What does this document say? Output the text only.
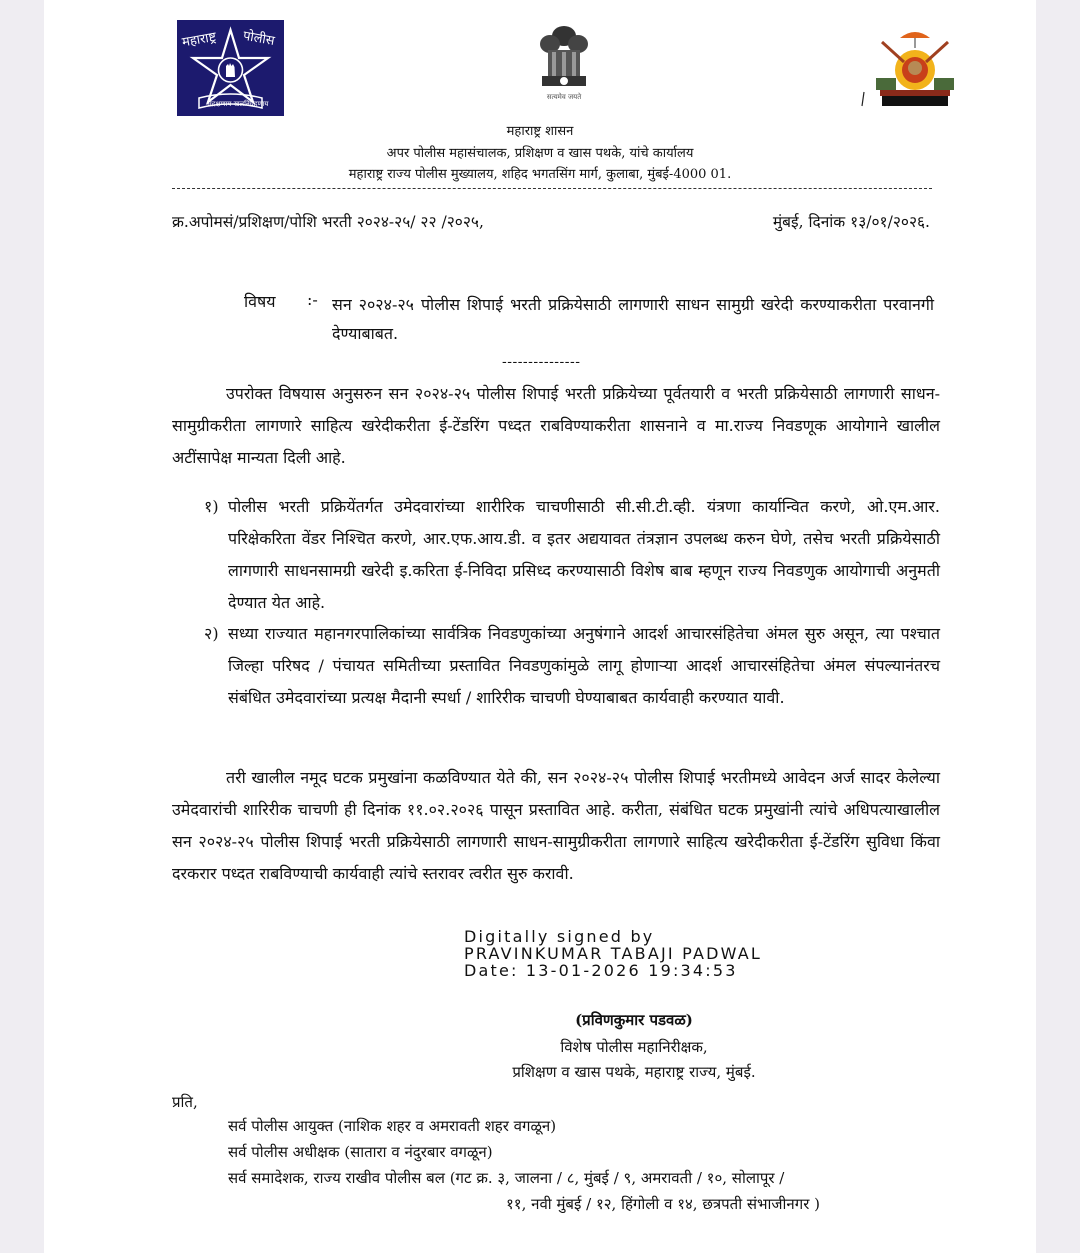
महाराष्ट्र पोलीस
सद्रक्षणाय खलनिग्रहणाय
सत्यमेव जयते
महाराष्ट्र शासन
अपर पोलीस महासंचालक, प्रशिक्षण व खास पथके, यांचे कार्यालय
महाराष्ट्र राज्य पोलीस मुख्यालय, शहिद भगतसिंग मार्ग, कुलाबा, मुंबई-4000 01.
क्र.अपोमसं/प्रशिक्षण/पोशि भरती २०२४-२५/ २२ /२०२५,	मुंबई, दिनांक १३/०१/२०२६.
विषय :- सन २०२४-२५ पोलीस शिपाई भरती प्रक्रियेसाठी लागणारी साधन सामुग्री खरेदी करण्याकरीता परवानगी देण्याबाबत.
---------------
उपरोक्त विषयास अनुसरुन सन २०२४-२५ पोलीस शिपाई भरती प्रक्रियेच्या पूर्वतयारी व भरती प्रक्रियेसाठी लागणारी साधन-सामुग्रीकरीता लागणारे साहित्य खरेदीकरीता ई-टेंडरिंग पध्दत राबविण्याकरीता शासनाने व मा.राज्य निवडणूक आयोगाने खालील अटींसापेक्ष मान्यता दिली आहे.
१) पोलीस भरती प्रक्रियेंतर्गत उमेदवारांच्या शारीरिक चाचणीसाठी सी.सी.टी.व्ही. यंत्रणा कार्यान्वित करणे, ओ.एम.आर. परिक्षेकरिता वेंडर निश्चित करणे, आर.एफ.आय.डी. व इतर अद्ययावत तंत्रज्ञान उपलब्ध करुन घेणे, तसेच भरती प्रक्रियेसाठी लागणारी साधनसामग्री खरेदी इ.करिता ई-निविदा प्रसिध्द करण्यासाठी विशेष बाब म्हणून राज्य निवडणुक आयोगाची अनुमती देण्यात येत आहे.
२) सध्या राज्यात महानगरपालिकांच्या सार्वत्रिक निवडणुकांच्या अनुषंगाने आदर्श आचारसंहितेचा अंमल सुरु असून, त्या पश्चात जिल्हा परिषद / पंचायत समितीच्या प्रस्तावित निवडणुकांमुळे लागू होणाऱ्या आदर्श आचारसंहितेचा अंमल संपल्यानंतरच संबंधित उमेदवारांच्या प्रत्यक्ष मैदानी स्पर्धा / शारिरीक चाचणी घेण्याबाबत कार्यवाही करण्यात यावी.
तरी खालील नमूद घटक प्रमुखांना कळविण्यात येते की, सन २०२४-२५ पोलीस शिपाई भरतीमध्ये आवेदन अर्ज सादर केलेल्या उमेदवारांची शारिरीक चाचणी ही दिनांक ११.०२.२०२६ पासून प्रस्तावित आहे. करीता, संबंधित घटक प्रमुखांनी त्यांचे अधिपत्याखालील सन २०२४-२५ पोलीस शिपाई भरती प्रक्रियेसाठी लागणारी साधन-सामुग्रीकरीता लागणारे साहित्य खरेदीकरीता ई-टेंडरिंग सुविधा किंवा दरकरार पध्दत राबविण्याची कार्यवाही त्यांचे स्तरावर त्वरीत सुरु करावी.
Digitally signed by
PRAVINKUMAR TABAJI PADWAL
Date: 13-01-2026 19:34:53
(प्रविणकुमार पडवळ)
विशेष पोलीस महानिरीक्षक,
प्रशिक्षण व खास पथके, महाराष्ट्र राज्य, मुंबई.
प्रति,
सर्व पोलीस आयुक्त (नाशिक शहर व अमरावती शहर वगळून)
सर्व पोलीस अधीक्षक (सातारा व नंदुरबार वगळून)
सर्व समादेशक, राज्य राखीव पोलीस बल (गट क्र. ३, जालना / ८, मुंबई / ९, अमरावती / १०, सोलापूर /
११, नवी मुंबई / १२, हिंगोली व १४, छत्रपती संभाजीनगर )
